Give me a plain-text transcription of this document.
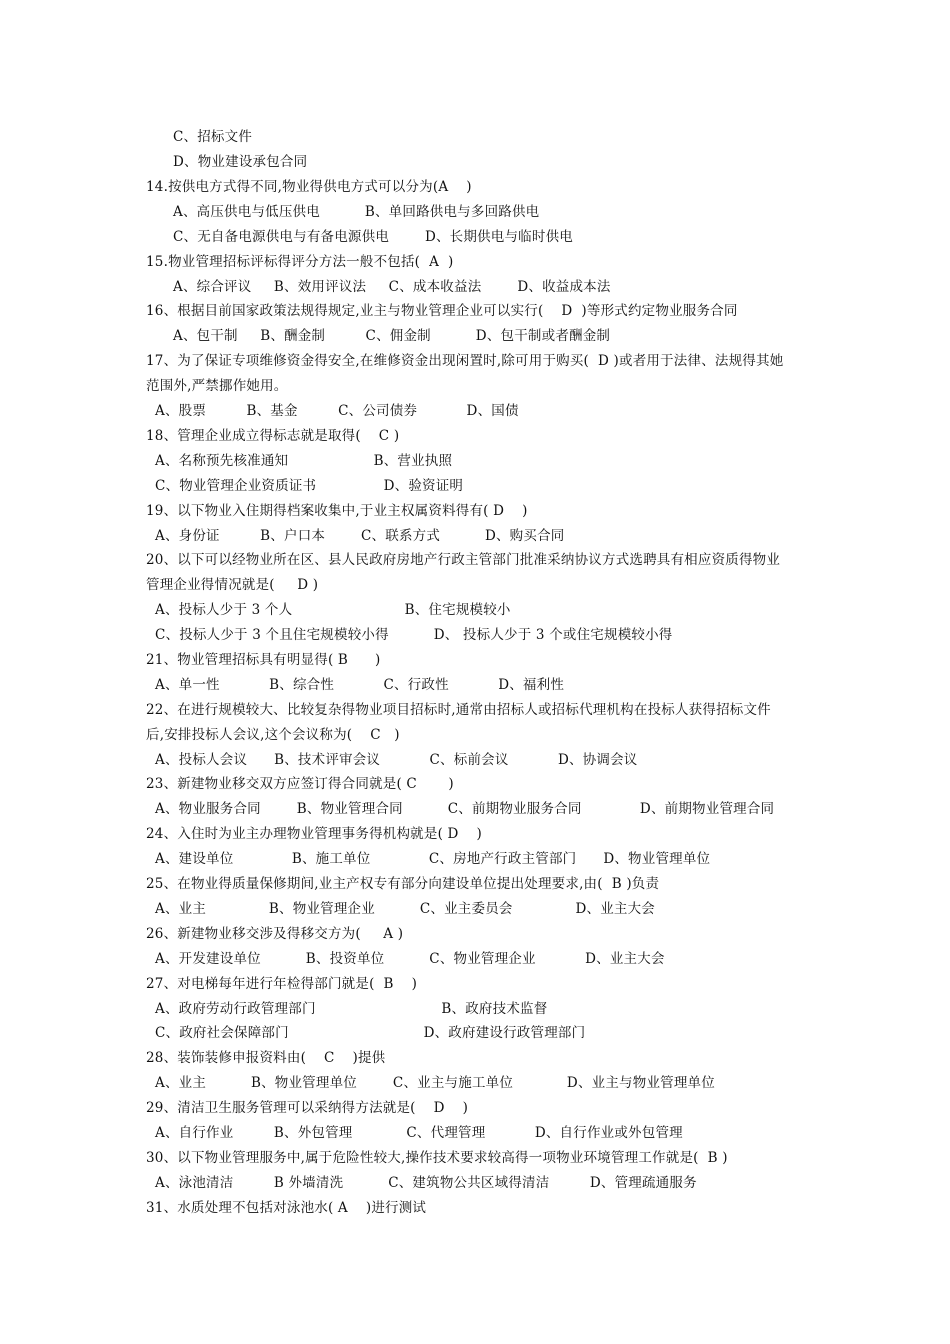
C、招标文件
D、物业建设承包合同
14.按供电方式得不同,物业得供电方式可以分为(A    )
A、高压供电与低压供电          B、单回路供电与多回路供电
C、无自备电源供电与有备电源供电        D、长期供电与临时供电
15.物业管理招标评标得评分方法一般不包括(  A  )
A、综合评议     B、效用评议法     C、成本收益法        D、收益成本法
16、根据目前国家政策法规得规定,业主与物业管理企业可以实行(    D  )等形式约定物业服务合同
A、包干制     B、酬金制         C、佣金制          D、包干制或者酬金制
17、为了保证专项维修资金得安全,在维修资金出现闲置时,除可用于购买(  D )或者用于法律、法规得其她
范围外,严禁挪作她用。
A、股票         B、基金         C、公司债券           D、国债
18、管理企业成立得标志就是取得(    C )
A、名称预先核准通知                   B、营业执照
C、物业管理企业资质证书               D、验资证明
19、以下物业入住期得档案收集中,于业主权属资料得有( D    )
A、身份证         B、户口本        C、联系方式          D、购买合同
20、以下可以经物业所在区、县人民政府房地产行政主管部门批准采纳协议方式选聘具有相应资质得物业
管理企业得情况就是(     D )
A、投标人少于 3 个人                         B、住宅规模较小
C、投标人少于 3 个且住宅规模较小得          D、 投标人少于 3 个或住宅规模较小得
21、物业管理招标具有明显得( B      )
A、单一性           B、综合性           C、行政性           D、福利性
22、在进行规模较大、比较复杂得物业项目招标时,通常由招标人或招标代理机构在投标人获得招标文件
后,安排投标人会议,这个会议称为(    C   )
A、投标人会议      B、技术评审会议           C、标前会议           D、协调会议
23、新建物业移交双方应签订得合同就是( C       )
A、物业服务合同        B、物业管理合同          C、前期物业服务合同             D、前期物业管理合同
24、入住时为业主办理物业管理事务得机构就是( D    )
A、建设单位             B、施工单位             C、房地产行政主管部门      D、物业管理单位
25、在物业得质量保修期间,业主产权专有部分向建设单位提出处理要求,由(  B )负责
A、业主              B、物业管理企业          C、业主委员会              D、业主大会
26、新建物业移交涉及得移交方为(     A )
A、开发建设单位          B、投资单位          C、物业管理企业           D、业主大会
27、对电梯每年进行年检得部门就是(  B    )
A、政府劳动行政管理部门                            B、政府技术监督
C、政府社会保障部门                              D、政府建设行政管理部门
28、装饰装修申报资料由(    C    )提供
A、业主          B、物业管理单位        C、业主与施工单位            D、业主与物业管理单位
29、清洁卫生服务管理可以采纳得方法就是(    D    )
A、自行作业         B、外包管理            C、代理管理           D、自行作业或外包管理
30、以下物业管理服务中,属于危险性较大,操作技术要求较高得一项物业环境管理工作就是(  B )
A、泳池清洁         B 外墙清洗          C、建筑物公共区域得清洁         D、管理疏通服务
31、水质处理不包括对泳池水( A    )进行测试
